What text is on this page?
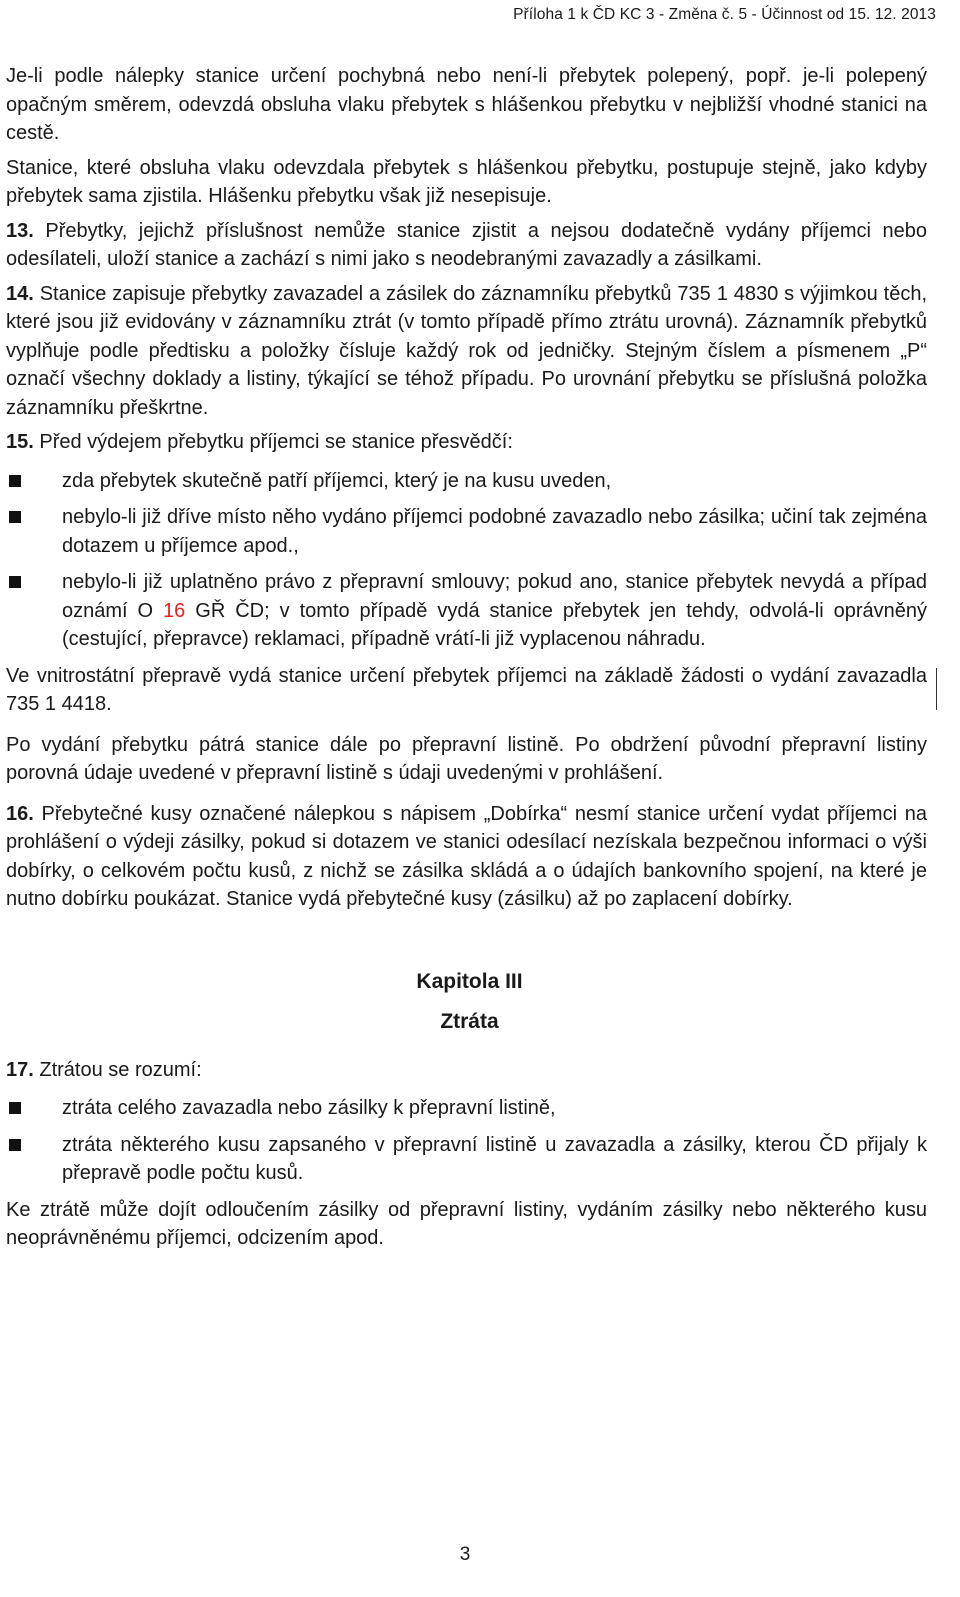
Příloha 1 k ČD KC 3 - Změna č. 5 - Účinnost od 15. 12. 2013

Je-li podle nálepky stanice určení pochybná nebo není-li přebytek polepený, popř. je-li polepený opačným směrem, odevzdá obsluha vlaku přebytek s hlášenkou přebytku v nejbližší vhodné stanici na cestě.

Stanice, které obsluha vlaku odevzdala přebytek s hlášenkou přebytku, postupuje stejně, jako kdyby přebytek sama zjistila. Hlášenku přebytku však již nesepisuje.

13. Přebytky, jejichž příslušnost nemůže stanice zjistit a nejsou dodatečně vydány příjemci nebo odesílateli, uloží stanice a zachází s nimi jako s neodebranými zavazadly a zásilkami.

14. Stanice zapisuje přebytky zavazadel a zásilek do záznamníku přebytků 735 1 4830 s výjimkou těch, které jsou již evidovány v záznamníku ztrát (v tomto případě přímo ztrátu urovná). Záznamník přebytků vyplňuje podle předtisku a položky čísluje každý rok od jedničky. Stejným číslem a písmenem „P“ označí všechny doklady a listiny, týkající se téhož případu. Po urovnání přebytku se příslušná položka záznamníku přeškrtne.

15. Před výdejem přebytku příjemci se stanice přesvědčí:

zda přebytek skutečně patří příjemci, který je na kusu uveden,
nebylo-li již dříve místo něho vydáno příjemci podobné zavazadlo nebo zásilka; učiní tak zejména dotazem u příjemce apod.,
nebylo-li již uplatněno právo z přepravní smlouvy; pokud ano, stanice přebytek nevydá a případ oznámí O 16 GŘ ČD; v tomto případě vydá stanice přebytek jen tehdy, odvolá-li oprávněný (cestující, přepravce) reklamaci, případně vrátí-li již vyplacenou náhradu.

Ve vnitrostátní přepravě vydá stanice určení přebytek příjemci na základě žádosti o vydání zavazadla 735 1 4418.

Po vydání přebytku pátrá stanice dále po přepravní listině. Po obdržení původní přepravní listiny porovná údaje uvedené v přepravní listině s údaji uvedenými v prohlášení.

16. Přebytečné kusy označené nálepkou s nápisem „Dobírka“ nesmí stanice určení vydat příjemci na prohlášení o výdeji zásilky, pokud si dotazem ve stanici odesílací nezískala bezpečnou informaci o výši dobírky, o celkovém počtu kusů, z nichž se zásilka skládá a o údajích bankovního spojení, na které je nutno dobírku poukázat. Stanice vydá přebytečné kusy (zásilku) až po zaplacení dobírky.

Kapitola III
Ztráta

17. Ztrátou se rozumí:

ztráta celého zavazadla nebo zásilky k přepravní listině,
ztráta některého kusu zapsaného v přepravní listině u zavazadla a zásilky, kterou ČD přijaly k přepravě podle počtu kusů.

Ke ztrátě může dojít odloučením zásilky od přepravní listiny, vydáním zásilky nebo některého kusu neoprávněnému příjemci, odcizením apod.

3
